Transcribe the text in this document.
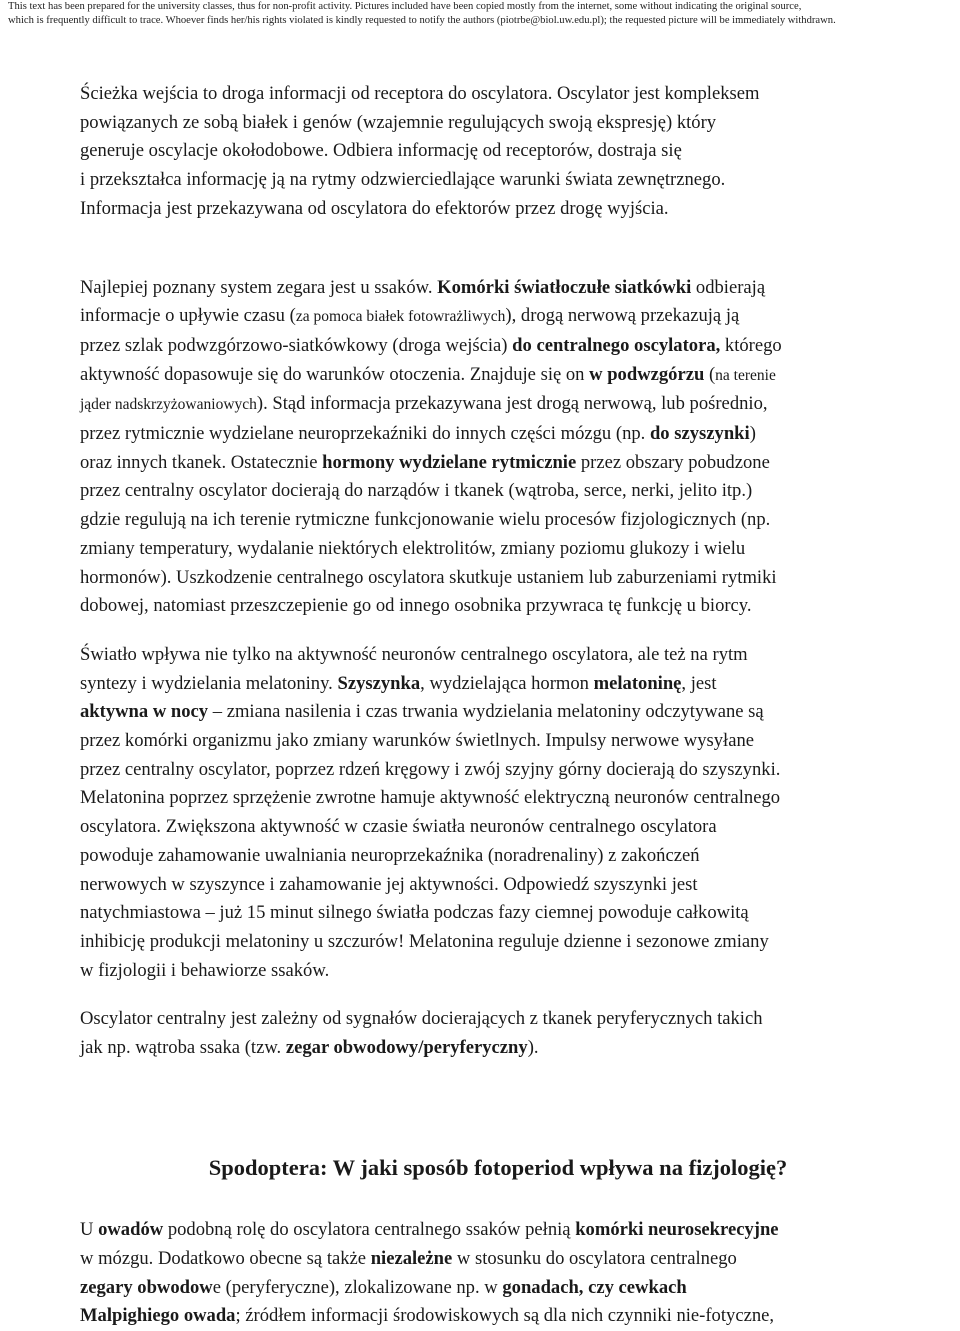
This text has been prepared for the university classes, thus for non-profit activity. Pictures included have been copied mostly from the internet, some without indicating the original source,
which is frequently difficult to trace. Whoever finds her/his rights violated is kindly requested to notify the authors (piotrbe@biol.uw.edu.pl); the requested picture will be immediately withdrawn.

Ścieżka wejścia to droga informacji od receptora do oscylatora. Oscylator jest kompleksem

powiązanych ze sobą białek i genów (wzajemnie regulujących swoją ekspresję) który

generuje oscylacje okołodobowe. Odbiera informację od receptorów, dostraja się

i przekształca informację ją na rytmy odzwierciedlające warunki świata zewnętrznego.

Informacja jest przekazywana od oscylatora do efektorów przez drogę wyjścia.

Najlepiej poznany system zegara jest u ssaków. Komórki światłoczułe siatkówki odbierają

informacje o upływie czasu (za pomoca białek fotowrażliwych), drogą nerwową przekazują ją

przez szlak podwzgórzowo-siatkówkowy (droga wejścia) do centralnego oscylatora, którego

aktywność dopasowuje się do warunków otoczenia. Znajduje się on w podwzgórzu (na terenie

jąder nadskrzyżowaniowych). Stąd informacja przekazywana jest drogą nerwową, lub pośrednio,

przez rytmicznie wydzielane neuroprzekaźniki do innych części mózgu (np. do szyszynki)

oraz innych tkanek. Ostatecznie hormony wydzielane rytmicznie przez obszary pobudzone

przez centralny oscylator docierają do narządów i tkanek (wątroba, serce, nerki, jelito itp.)

gdzie regulują na ich terenie rytmiczne funkcjonowanie wielu procesów fizjologicznych (np.

zmiany temperatury, wydalanie niektórych elektrolitów, zmiany poziomu glukozy i wielu

hormonów). Uszkodzenie centralnego oscylatora skutkuje ustaniem lub zaburzeniami rytmiki

dobowej, natomiast przeszczepienie go od innego osobnika przywraca tę funkcję u biorcy.

Światło wpływa nie tylko na aktywność neuronów centralnego oscylatora, ale też na rytm

syntezy i wydzielania melatoniny. Szyszynka, wydzielająca hormon melatoninę, jest

aktywna w nocy – zmiana nasilenia i czas trwania wydzielania melatoniny odczytywane są

przez komórki organizmu jako zmiany warunków świetlnych. Impulsy nerwowe wysyłane

przez centralny oscylator, poprzez rdzeń kręgowy i zwój szyjny górny docierają do szyszynki.

Melatonina poprzez sprzężenie zwrotne hamuje aktywność elektryczną neuronów centralnego

oscylatora. Zwiększona aktywność w czasie światła neuronów centralnego oscylatora

powoduje zahamowanie uwalniania neuroprzekaźnika (noradrenaliny) z zakończeń

nerwowych w szyszynce i zahamowanie jej aktywności. Odpowiedź szyszynki jest

natychmiastowa – już 15 minut silnego światła podczas fazy ciemnej powoduje całkowitą

inhibicję produkcji melatoniny u szczurów! Melatonina reguluje dzienne i sezonowe zmiany

w fizjologii i behawiorze ssaków.

Oscylator centralny jest zależny od sygnałów docierających z tkanek peryferycznych takich

jak np. wątroba ssaka (tzw. zegar obwodowy/peryferyczny).

Spodoptera: W jaki sposób fotoperiod wpływa na fizjologię?

U owadów podobną rolę do oscylatora centralnego ssaków pełnią komórki neurosekrecyjne

w mózgu. Dodatkowo obecne są także niezależne w stosunku do oscylatora centralnego

zegary obwodowe (peryferyczne), zlokalizowane np. w gonadach, czy cewkach

Malpighiego owada; źródłem informacji środowiskowych są dla nich czynniki nie-fotyczne,
